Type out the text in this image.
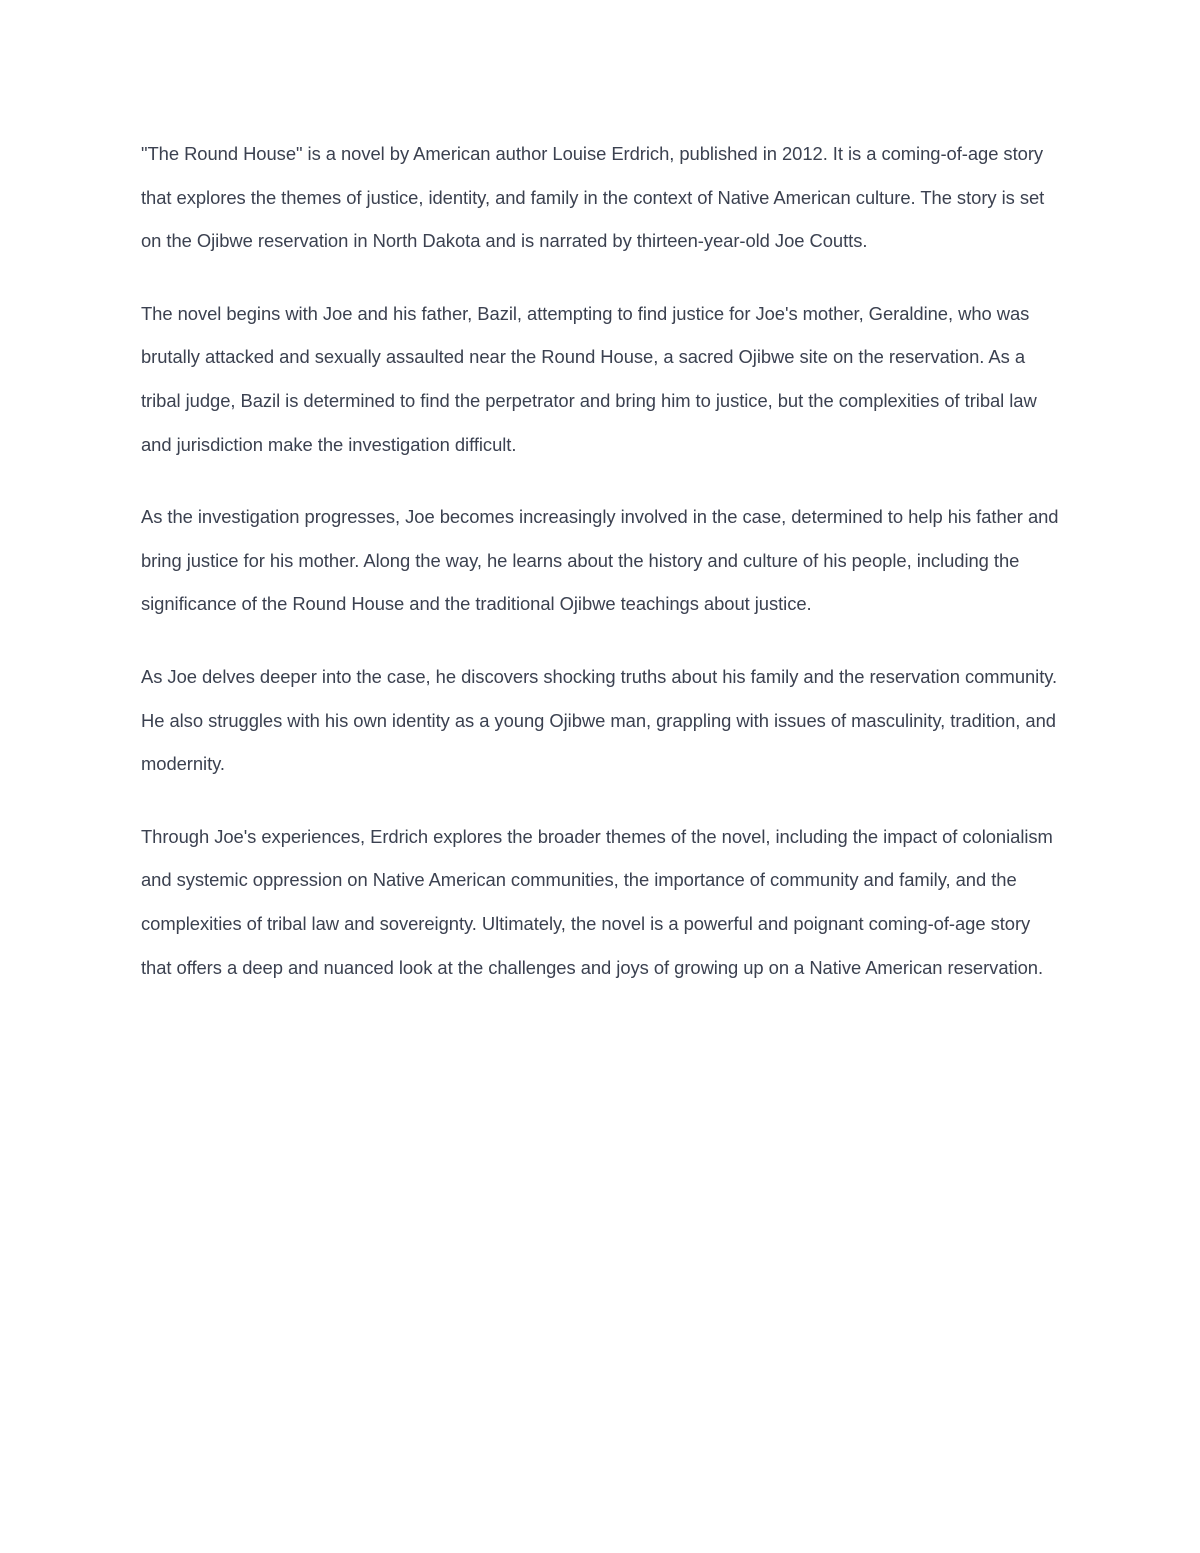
"The Round House" is a novel by American author Louise Erdrich, published in 2012. It is a coming-of-age story that explores the themes of justice, identity, and family in the context of Native American culture. The story is set on the Ojibwe reservation in North Dakota and is narrated by thirteen-year-old Joe Coutts.

The novel begins with Joe and his father, Bazil, attempting to find justice for Joe's mother, Geraldine, who was brutally attacked and sexually assaulted near the Round House, a sacred Ojibwe site on the reservation. As a tribal judge, Bazil is determined to find the perpetrator and bring him to justice, but the complexities of tribal law and jurisdiction make the investigation difficult.

As the investigation progresses, Joe becomes increasingly involved in the case, determined to help his father and bring justice for his mother. Along the way, he learns about the history and culture of his people, including the significance of the Round House and the traditional Ojibwe teachings about justice.

As Joe delves deeper into the case, he discovers shocking truths about his family and the reservation community. He also struggles with his own identity as a young Ojibwe man, grappling with issues of masculinity, tradition, and modernity.

Through Joe's experiences, Erdrich explores the broader themes of the novel, including the impact of colonialism and systemic oppression on Native American communities, the importance of community and family, and the complexities of tribal law and sovereignty. Ultimately, the novel is a powerful and poignant coming-of-age story that offers a deep and nuanced look at the challenges and joys of growing up on a Native American reservation.
